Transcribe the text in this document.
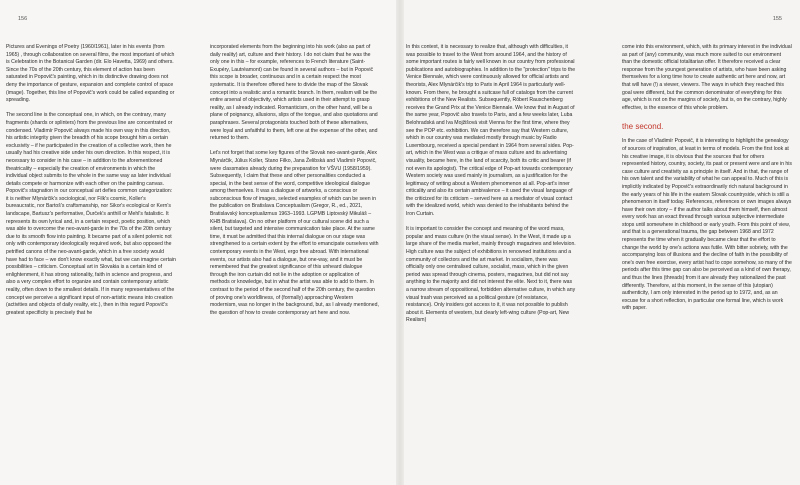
156	155

Pictures and Evenings of Poetry (1960/1961), later in his events (from 1965) , through collaboration on several films, the most important of which is Celebration in the Botanical Garden (dir. Elo Havetta, 1969) and others. Since the 70s of the 20th century, this element of action has been saturated in Popovič's painting, which in its distinctive drawing does not deny the importance of gesture, expansion and complete control of space (image). Together, this line of Popovič's work could be called expanding or spreading.

The second line is the conceptual one, in which, on the contrary, many fragments (shards or splinters) from the previous line are concentrated or condensed. Vladimír Popovič always made his own way in this direction, his artistic integrity given the breadth of his scope brought him a certain exclusivity – if he participated in the creation of a collective work, then he usually had his creative side under his own direction. In this respect, it is necessary to consider in his case – in addition to the aforementioned theatricality – especially the creation of environments in which the individual object submits to the whole in the same way as later individual details compete or harmonize with each other on the painting canvas. Popovič's stagnation in our conceptual art defies common categorization: it is neither Mlynárčik's sociological, nor Filk's cosmic, Koller's bureaucratic, nor Bartoš's craftsmanship, nor Sikor's ecological or Kern's landscape, Bartusz's performative, Ďurček's anthill or Mehl's fatalistic. It represents its own lyrical and, in a certain respect, poetic position, which was able to overcome the neo-avant-garde in the 70s of the 20th century due to its smooth flow into painting. It became part of a silent polemic not only with contemporary ideologically required work, but also opposed the petrified canons of the neo-avant-garde, which in a free society would have had to face – we don't know exactly what, but we can imagine certain possibilities – criticism. Conceptual art in Slovakia is a certain kind of enlightenment, it has strong rationality, faith in science and progress, and also a very complex effort to organize and contain contemporary artistic reality, often down to the smallest details. If in many representatives of the concept we perceive a significant input of non-artistic means into creation (activities and objects of daily reality, etc.), then in this regard Popovič's greatest specificity is precisely that he

incorporated elements from the beginning into his work (also as part of daily reality) art, culture and their history. I do not claim that he was the only one in this – for example, references to French literature (Saint-Exupéry, Lautréamont) can be found in several authors – but in Popovič this scope is broader, continuous and in a certain respect the most systematic. It is therefore offered here to divide the map of the Slovak concept into a realistic and a romantic branch. In them, realism will be the entire arsenal of objectivity, which artists used in their attempt to grasp reality, as I already indicated. Romanticism, on the other hand, will be a plane of poignancy, allusions, slips of the tongue, and also quotations and paraphrases. Several protagonists touched both of these alternatives, were loyal and unfaithful to them, left one at the expense of the other, and returned to them.

Let's not forget that some key figures of the Slovak neo-avant-garde, Alex Mlynárčik, Július Koller, Stano Filko, Jana Želibská and Vladimír Popovič, were classmates already during the preparation for VŠVU (1958/1959). Subsequently, I claim that these and other personalities conducted a special, in the best sense of the word, competitive ideological dialogue among themselves. It was a dialogue of artworks, a conscious or subconscious flow of images, selected examples of which can be seen in the publication on Bratislava Conceptualism (Gregor, R., ed., 2021, Bratislavský konceptualizmus 1963–1993. LGPMB Liptovský Mikuláš – KHB Bratislava). On no other platform of our cultural scene did such a silent, but targeted and intensive communication take place. At the same time, it must be admitted that this internal dialogue on our stage was strengthened to a certain extent by the effort to emancipate ourselves with contemporary events in the West, ergo free abroad. With international events, our artists also had a dialogue, but one-way, and it must be remembered that the greatest significance of this unheard dialogue through the iron curtain did not lie in the adoption or application of methods or knowledge, but in what the artist was able to add to them. In contrast to the period of the second half of the 20th century, the question of proving one's worldliness, of (formally) approaching Western modernism, was no longer in the background, but, as I already mentioned, the question of how to create contemporary art here and now.

In this context, it is necessary to realize that, although with difficulties, it was possible to travel to the West from around 1964, and the history of some important routes is fairly well known in our country from professional publications and autobiographies. In addition to the "protection" trips to the Venice Biennale, which were continuously allowed for official artists and theorists, Alex Mlynárčik's trip to Paris in April 1964 is particularly well-known. From there, he brought a suitcase full of catalogs from the current exhibitions of the New Realists. Subsequently, Róbert Rauschenberg receives the Grand Prix at the Venice Biennale. We know that in August of the same year, Popovič also travels to Paris, and a few weeks later, Luba Belohradská and Iva Mojžišová visit Vienna for the first time, where they see the POP etc. exhibition. We can therefore say that Western culture, which in our country was mediated mostly through music by Radio Luxembourg, received a special pendant in 1964 from several sides. Pop-art, which in the West was a critique of mass culture and its advertising visuality, became here, in the land of scarcity, both its critic and bearer (if not even its apologist). The critical edge of Pop-art towards contemporary Western society was used mainly in journalism, as a justification for the legitimacy of writing about a Western phenomenon at all. Pop-art's inner criticality and also its certain ambivalence – it used the visual language of the criticized for its criticism – served here as a mediator of visual contact with the idealized world, which was denied to the inhabitants behind the Iron Curtain.

It is important to consider the concept and meaning of the word mass, popular and mass culture (in the visual sense). In the West, it made up a large share of the media market, mainly through magazines and television. High culture was the subject of exhibitions in renowned institutions and a community of collectors and the art market. In socialism, there was officially only one centralised culture, socialist, mass, which in the given period was spread through cinema, posters, magazines, but did not say anything to the majority and did not interest the elite. Next to it, there was a narrow stream of oppositional, forbidden alternative culture, in which any visual trash was perceived as a political gesture (of resistance, resistance). Only insiders got access to it, it was not possible to publish about it. Elements of western, but clearly left-wing culture (Pop-art, New Realism)

come into this environment, which, with its primary interest in the individual as part of (any) community, was much more suited to our environment than the domestic official totalitarian offer. It therefore received a clear response from the youngest generation of artists, who have been asking themselves for a long time how to create authentic art here and now, art that will have (!) a viewer, viewers. The ways in which they reached this goal were different, but the common denominator of everything for this age, which is not on the margins of society, but is, on the contrary, highly effective, is the essence of this whole problem.

the second.

In the case of Vladimír Popovič, it is interesting to highlight the genealogy of sources of inspiration, at least in terms of models. From the first look at his creative image, it is obvious that the sources that for others represented history, country, society, its past or present were and are in his case culture and creativity as a principle in itself. And in that, the range of his own talent and the variability of what he can appeal to. Much of this is implicitly indicated by Popovič's extraordinarily rich natural background in the early years of his life in the eastern Slovak countryside, which is still a phenomenon in itself today. References, references or own images always have their own story – if the author talks about them himself, then almost every work has an exact thread through various subjective intermediate stops until somewhere in childhood or early youth. From this point of view, and that is a generational trauma, the gap between 1968 and 1972 represents the time when it gradually became clear that the effort to change the world by one's actions was futile. With bitter sobriety, with the accompanying loss of illusions and the decline of faith in the possibility of one's own free exercise, every artist had to cope somehow, so many of the periods after this time gap can also be perceived as a kind of own therapy, and thus the lines (threads) from it are already they rationalized the past differently. Therefore, at this moment, in the sense of this (utopian) authenticity, I am only interested in the period up to 1972, and, as an excuse for a short reflection, in particular one formal line, which is work with paper.
